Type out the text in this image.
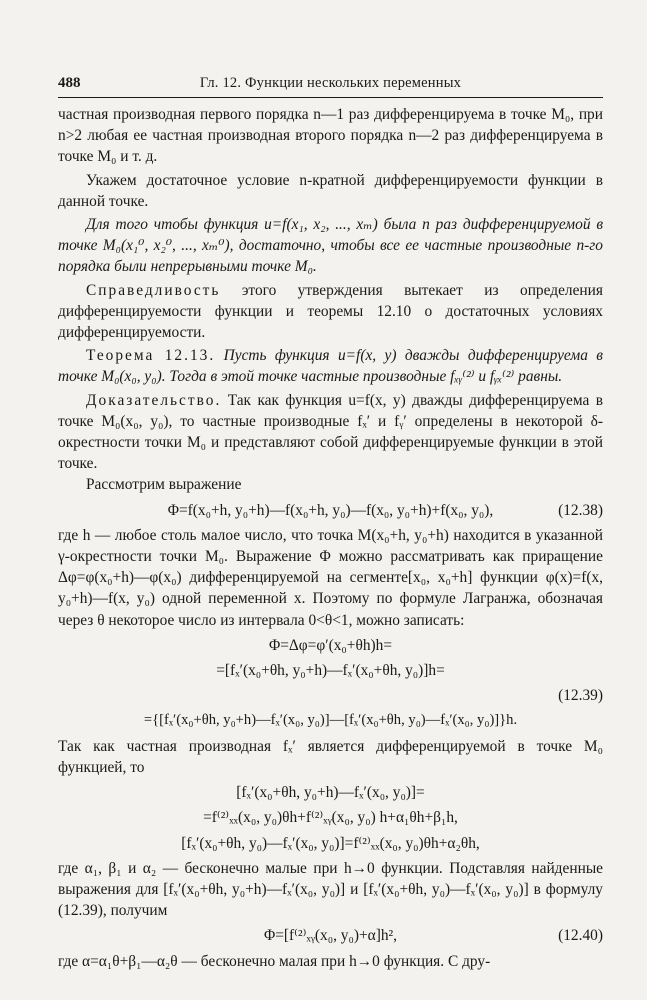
488	Гл. 12. Функции нескольких переменных

частная производная первого порядка n—1 раз дифференцируема в точке M₀, при n>2 любая ее частная производная второго порядка n—2 раз дифференцируема в точке M₀ и т. д.

Укажем достаточное условие n-кратной дифференцируемости функции в данной точке.

Для того чтобы функция u=f(x₁, x₂, ..., xₘ) была n раз дифференцируемой в точке M₀(x₁⁰, x₂⁰, ..., xₘ⁰), достаточно, чтобы все ее частные производные n-го порядка были непрерывными точке M₀.

Справедливость этого утверждения вытекает из определения дифференцируемости функции и теоремы 12.10 о достаточных условиях дифференцируемости.

Теорема 12.13. Пусть функция u=f(x, y) дважды дифференцируема в точке M₀(x₀, y₀). Тогда в этой точке частные производные fₓᵧ⁽²⁾ и fᵧₓ⁽²⁾ равны.

Доказательство. Так как функция u=f(x, y) дважды дифференцируема в точке M₀(x₀, y₀), то частные производные fₓ′ и fᵧ′ определены в некоторой δ-окрестности точки M₀ и представляют собой дифференцируемые функции в этой точке.

Рассмотрим выражение

Φ=f(x₀+h, y₀+h)—f(x₀+h, y₀)—f(x₀, y₀+h)+f(x₀, y₀),	(12.38)

где h — любое столь малое число, что точка M(x₀+h, y₀+h) находится в указанной γ-окрестности точки M₀. Выражение Φ можно рассматривать как приращение Δφ=φ(x₀+h)—φ(x₀) дифференцируемой на сегменте[x₀, x₀+h] функции φ(x)=f(x, y₀+h)—f(x, y₀) одной переменной x. Поэтому по формуле Лагранжа, обозначая через θ некоторое число из интервала 0<θ<1, можно записать:

Φ=Δφ=φ′(x₀+θh)h=
=[fₓ′(x₀+θh, y₀+h)—fₓ′(x₀+θh, y₀)]h=
(12.39)
={[fₓ′(x₀+θh, y₀+h)—fₓ′(x₀, y₀)]—[fₓ′(x₀+θh, y₀)—fₓ′(x₀, y₀)]}h.

Так как частная производная fₓ′ является дифференцируемой в точке M₀ функцией, то

[fₓ′(x₀+θh, y₀+h)—fₓ′(x₀, y₀)]=
=f⁽²⁾ₓₓ(x₀, y₀)θh+f⁽²⁾ₓᵧ(x₀, y₀) h+α₁θh+β₁h,
[fₓ′(x₀+θh, y₀)—fₓ′(x₀, y₀)]=f⁽²⁾ₓₓ(x₀, y₀)θh+α₂θh,

где α₁, β₁ и α₂ — бесконечно малые при h→0 функции. Подставляя найденные выражения для [fₓ′(x₀+θh, y₀+h)—fₓ′(x₀, y₀)] и [fₓ′(x₀+θh, y₀)—fₓ′(x₀, y₀)] в формулу (12.39), получим

Φ=[f⁽²⁾ₓᵧ(x₀, y₀)+α]h²,	(12.40)

где α=α₁θ+β₁—α₂θ — бесконечно малая при h→0 функция. С дру-
